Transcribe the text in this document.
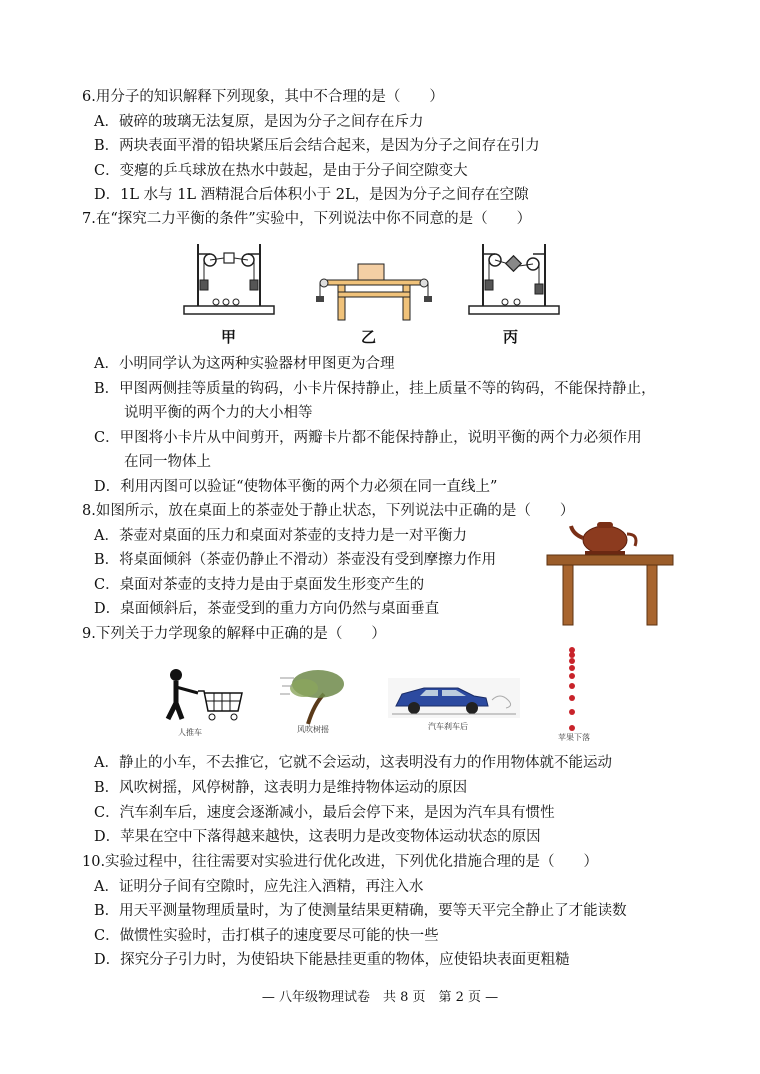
6.用分子的知识解释下列现象，其中不合理的是（　　）
A．破碎的玻璃无法复原，是因为分子之间存在斥力
B．两块表面平滑的铅块紧压后会结合起来，是因为分子之间存在引力
C．变瘪的乒乓球放在热水中鼓起，是由于分子间空隙变大
D．1L 水与 1L 酒精混合后体积小于 2L，是因为分子之间存在空隙
7.在“探究二力平衡的条件”实验中，下列说法中你不同意的是（　　）
甲	乙	丙
A．小明同学认为这两种实验器材甲图更为合理
B．甲图两侧挂等质量的钩码，小卡片保持静止，挂上质量不等的钩码，不能保持静止，
说明平衡的两个力的大小相等
C．甲图将小卡片从中间剪开，两瓣卡片都不能保持静止，说明平衡的两个力必须作用
在同一物体上
D．利用丙图可以验证“使物体平衡的两个力必须在同一直线上”
8.如图所示，放在桌面上的茶壶处于静止状态，下列说法中正确的是（　　）
A．茶壶对桌面的压力和桌面对茶壶的支持力是一对平衡力
B．将桌面倾斜（茶壶仍静止不滑动）茶壶没有受到摩擦力作用
C．桌面对茶壶的支持力是由于桌面发生形变产生的
D．桌面倾斜后，茶壶受到的重力方向仍然与桌面垂直
9.下列关于力学现象的解释中正确的是（　　）
人推车	风吹树摇	汽车刹车后
苹果下落
A．静止的小车，不去推它，它就不会运动，这表明没有力的作用物体就不能运动
B．风吹树摇，风停树静，这表明力是维持物体运动的原因
C．汽车刹车后，速度会逐渐减小，最后会停下来，是因为汽车具有惯性
D．苹果在空中下落得越来越快，这表明力是改变物体运动状态的原因
10.实验过程中，往往需要对实验进行优化改进，下列优化措施合理的是（　　）
A．证明分子间有空隙时，应先注入酒精，再注入水
B．用天平测量物理质量时，为了使测量结果更精确，要等天平完全静止了才能读数
C．做惯性实验时，击打棋子的速度要尽可能的快一些
D．探究分子引力时，为使铅块下能悬挂更重的物体，应使铅块表面更粗糙
— 八年级物理试卷　共 8 页　第 2 页 —
